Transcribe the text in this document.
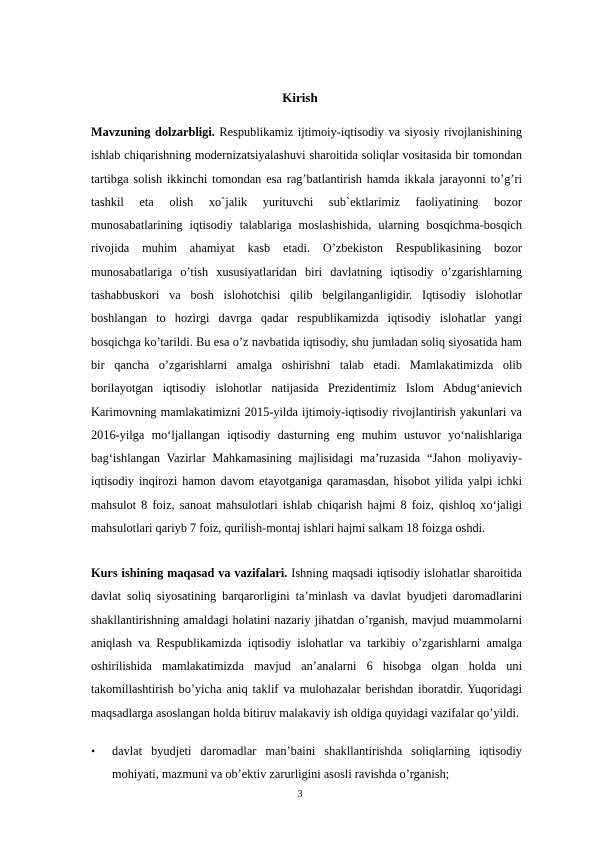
Kirish
Mavzuning dolzarbligi. Respublikamiz ijtimoiy-iqtisodiy va siyosiy rivojlanishining ishlab chiqarishning modernizatsiyalashuvi sharoitida soliqlar vositasida bir tomondan tartibga solish ikkinchi tomondan esa rag’batlantirish hamda ikkala jarayonni to’g’ri tashkil eta olish xo`jalik yurituvchi sub`ektlarimiz faoliyatining bozor munosabatlarining iqtisodiy talablariga moslashishida, ularning bosqichma-bosqich rivojida muhim ahamiyat kasb etadi. O’zbekiston Respublikasining bozor munosabatlariga o’tish xususiyatlaridan biri davlatning iqtisodiy o’zgarishlarning tashabbuskori va bosh islohotchisi qilib belgilanganligidir. Iqtisodiy islohotlar boshlangan to hozirgi davrga qadar respublikamizda iqtisodiy islohatlar yangi bosqichga ko’tarildi. Bu esa o’z navbatida iqtisodiy, shu jumladan soliq siyosatida ham bir qancha o’zgarishlarni amalga oshirishni talab etadi. Mamlakatimizda olib borilayotgan iqtisodiy islohotlar natijasida Prezidentimiz Islom Abdug‘anievich Karimovning mamlakatimizni 2015-yilda ijtimoiy-iqtisodiy rivojlantirish yakunlari va 2016-yilga mo‘ljallangan iqtisodiy dasturning eng muhim ustuvor yo‘nalishlariga bag‘ishlangan Vazirlar Mahkamasining majlisidagi ma’ruzasida “Jahon moliyaviy-iqtisodiy inqirozi hamon davom etayotganiga qaramasdan, hisobot yilida yalpi ichki mahsulot 8 foiz, sanoat mahsulotlari ishlab chiqarish hajmi 8 foiz, qishloq xo‘jaligi mahsulotlari qariyb 7 foiz, qurilish-montaj ishlari hajmi salkam 18 foizga oshdi.
Kurs ishining maqasad va vazifalari. Ishning maqsadi iqtisodiy islohatlar sharoitida davlat soliq siyosatining barqarorligini ta’minlash va davlat byudjeti daromadlarini shakllantirishning amaldagi holatini nazariy jihatdan o’rganish, mavjud muammolarni aniqlash va Respublikamizda iqtisodiy islohatlar va tarkibiy o’zgarishlarni amalga oshirilishida mamlakatimizda mavjud an’analarni 6 hisobga olgan holda uni takomillashtirish bo’yicha aniq taklif va mulohazalar berishdan iboratdir. Yuqoridagi maqsadlarga asoslangan holda bitiruv malakaviy ish oldiga quyidagi vazifalar qo’yildi.
•	davlat byudjeti daromadlar man’baini shakllantirishda soliqlarning iqtisodiy mohiyati, mazmuni va ob’ektiv zarurligini asosli ravishda o’rganish;
3
